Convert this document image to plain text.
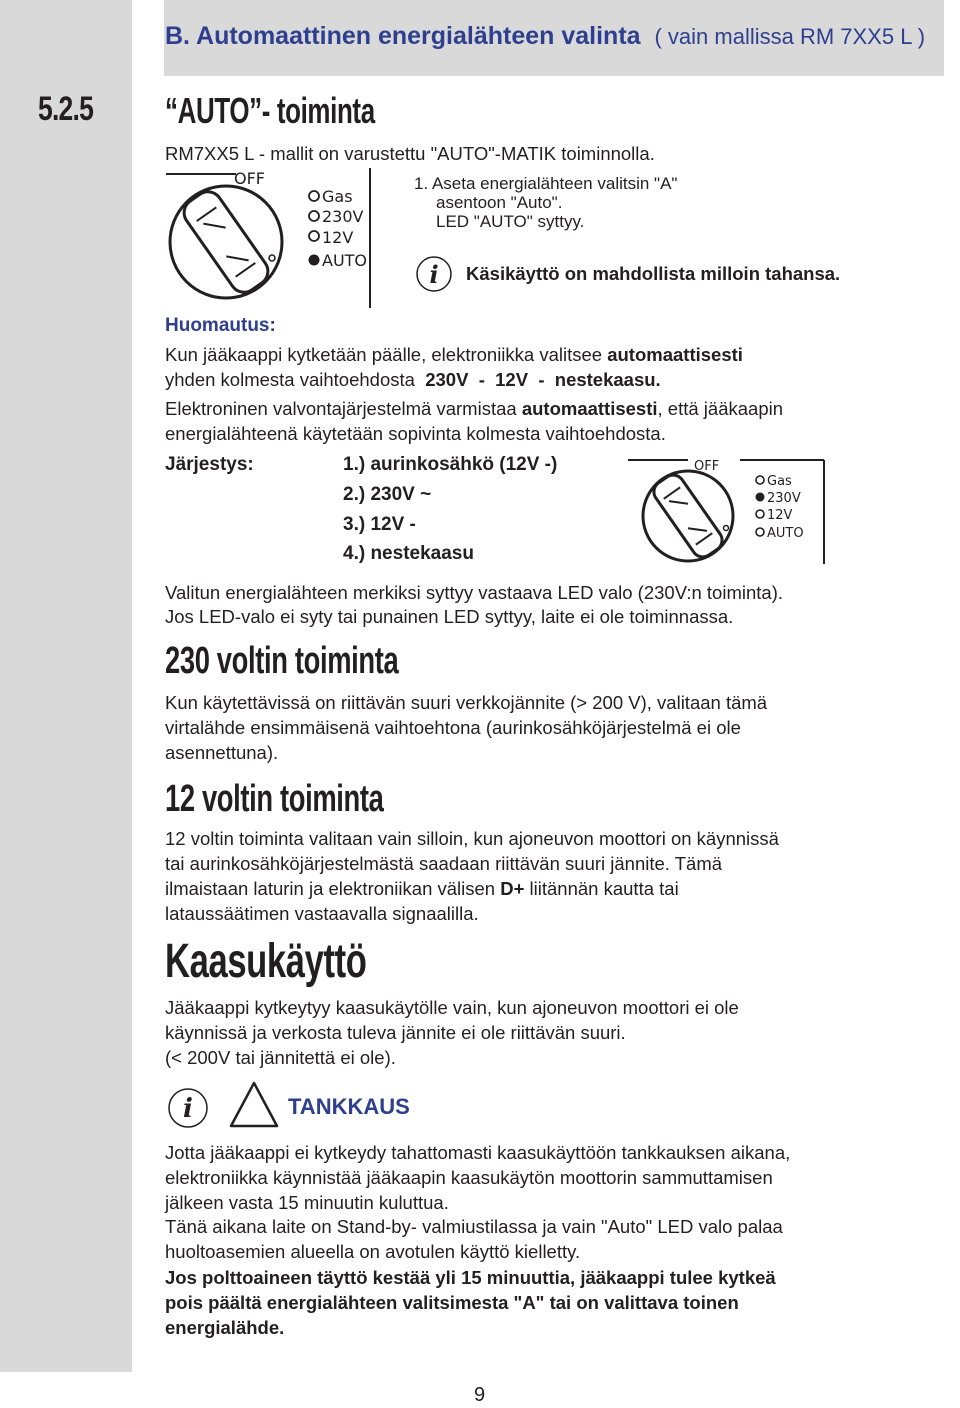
B. Automaattinen energialähteen valinta ( vain mallissa RM 7XX5 L )
5.2.5 “AUTO”- toiminta
RM7XX5 L - mallit on varustettu "AUTO"-MATIK toiminnolla.
OFF
Gas
230V
12V
AUTO
1. Aseta energialähteen valitsin "A"
asentoon "Auto".
LED "AUTO" syttyy.
i Käsikäyttö on mahdollista milloin tahansa.
Huomautus:
Kun jääkaappi kytketään päälle, elektroniikka valitsee automaattisesti
yhden kolmesta vaihtoehdosta 230V  -  12V  -  nestekaasu.
Elektroninen valvontajärjestelmä varmistaa automaattisesti, että jääkaapin
energialähteenä käytetään sopivinta kolmesta vaihtoehdosta.
Järjestys:	1.) aurinkosähkö (12V -)
2.) 230V ~
3.) 12V -
4.) nestekaasu
OFF
Gas
230V
12V
AUTO
Valitun energialähteen merkiksi syttyy vastaava LED valo (230V:n toiminta).
Jos LED-valo ei syty tai punainen LED syttyy, laite ei ole toiminnassa.
230 voltin toiminta
Kun käytettävissä on riittävän suuri verkkojännite (> 200 V), valitaan tämä
virtalähde ensimmäisenä vaihtoehtona (aurinkosähköjärjestelmä ei ole
asennettuna).
12 voltin toiminta
12 voltin toiminta valitaan vain silloin, kun ajoneuvon moottori on käynnissä
tai aurinkosähköjärjestelmästä saadaan riittävän suuri jännite. Tämä
ilmaistaan laturin ja elektroniikan välisen D+ liitännän kautta tai
lataussäätimen vastaavalla signaalilla.
Kaasukäyttö
Jääkaappi kytkeytyy kaasukäytölle vain, kun ajoneuvon moottori ei ole
käynnissä ja verkosta tuleva jännite ei ole riittävän suuri.
(< 200V tai jännitettä ei ole).
i	TANKKAUS
Jotta jääkaappi ei kytkeydy tahattomasti kaasukäyttöön tankkauksen aikana,
elektroniikka käynnistää jääkaapin kaasukäytön moottorin sammuttamisen
jälkeen vasta 15 minuutin kuluttua.
Tänä aikana laite on Stand-by- valmiustilassa ja vain "Auto" LED valo palaa
huoltoasemien alueella on avotulen käyttö kielletty.
Jos polttoaineen täyttö kestää yli 15 minuuttia, jääkaappi tulee kytkeä
pois päältä energialähteen valitsimesta "A" tai on valittava toinen
energialähde.
9
